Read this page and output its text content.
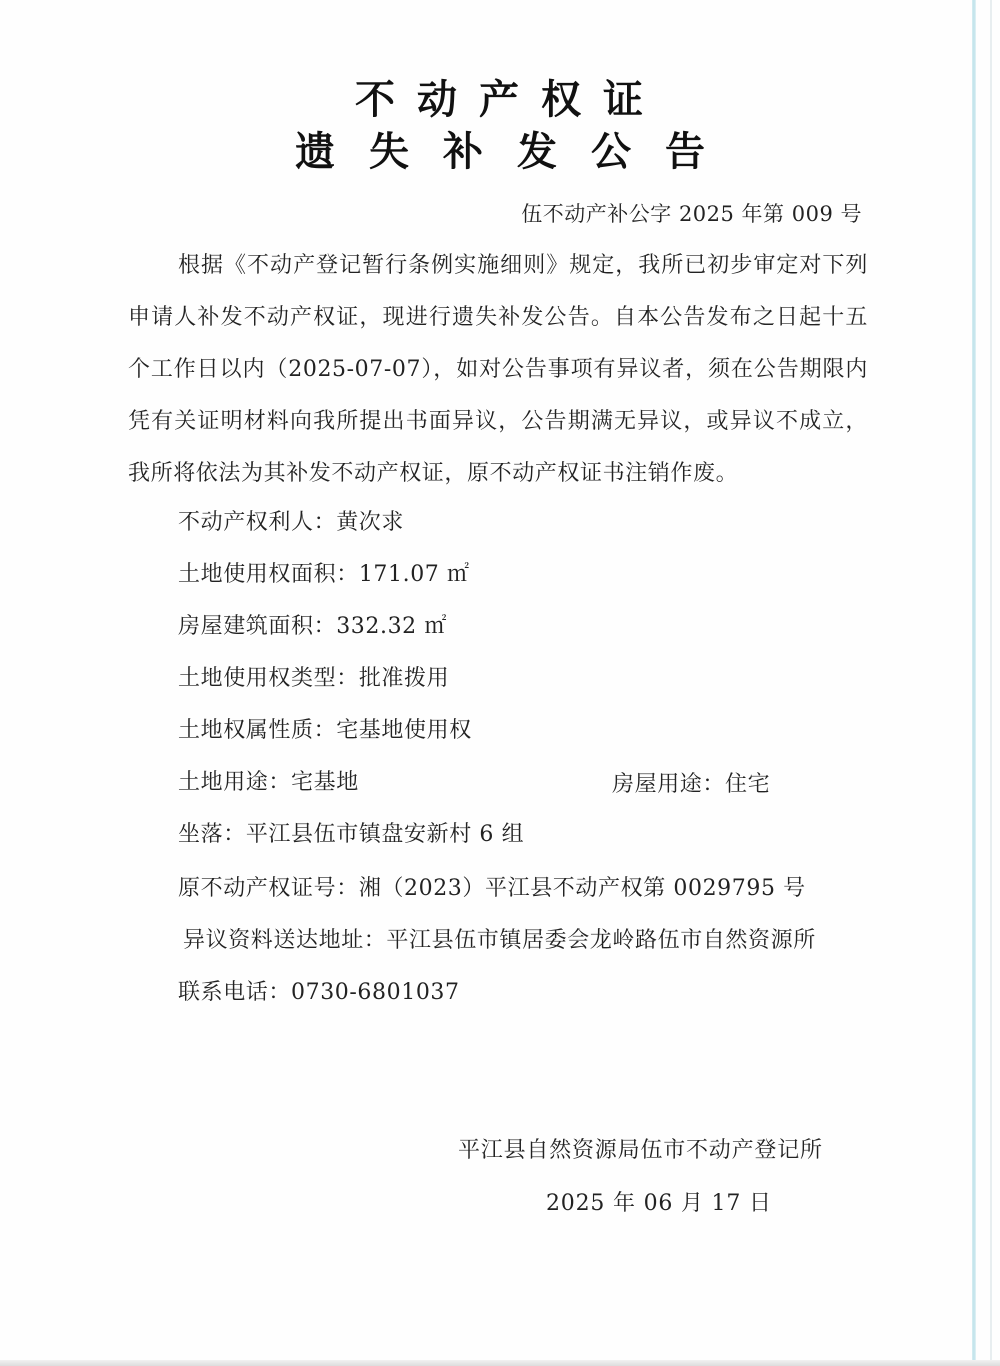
不动产权证
遗失补发公告
伍不动产补公字 2025 年第 009 号
根据《不动产登记暂行条例实施细则》规定，我所已初步审定对下列申请人补发不动产权证，现进行遗失补发公告。自本公告发布之日起十五个工作日以内（2025-07-07），如对公告事项有异议者，须在公告期限内凭有关证明材料向我所提出书面异议，公告期满无异议，或异议不成立，我所将依法为其补发不动产权证，原不动产权证书注销作废。
不动产权利人：黄次求
土地使用权面积：171.07 ㎡
房屋建筑面积：332.32 ㎡
土地使用权类型：批准拨用
土地权属性质：宅基地使用权
土地用途：宅基地	房屋用途：住宅
坐落：平江县伍市镇盘安新村 6 组
原不动产权证号：湘（2023）平江县不动产权第 0029795 号
异议资料送达地址：平江县伍市镇居委会龙岭路伍市自然资源所
联系电话：0730-6801037
平江县自然资源局伍市不动产登记所
2025 年 06 月 17 日
